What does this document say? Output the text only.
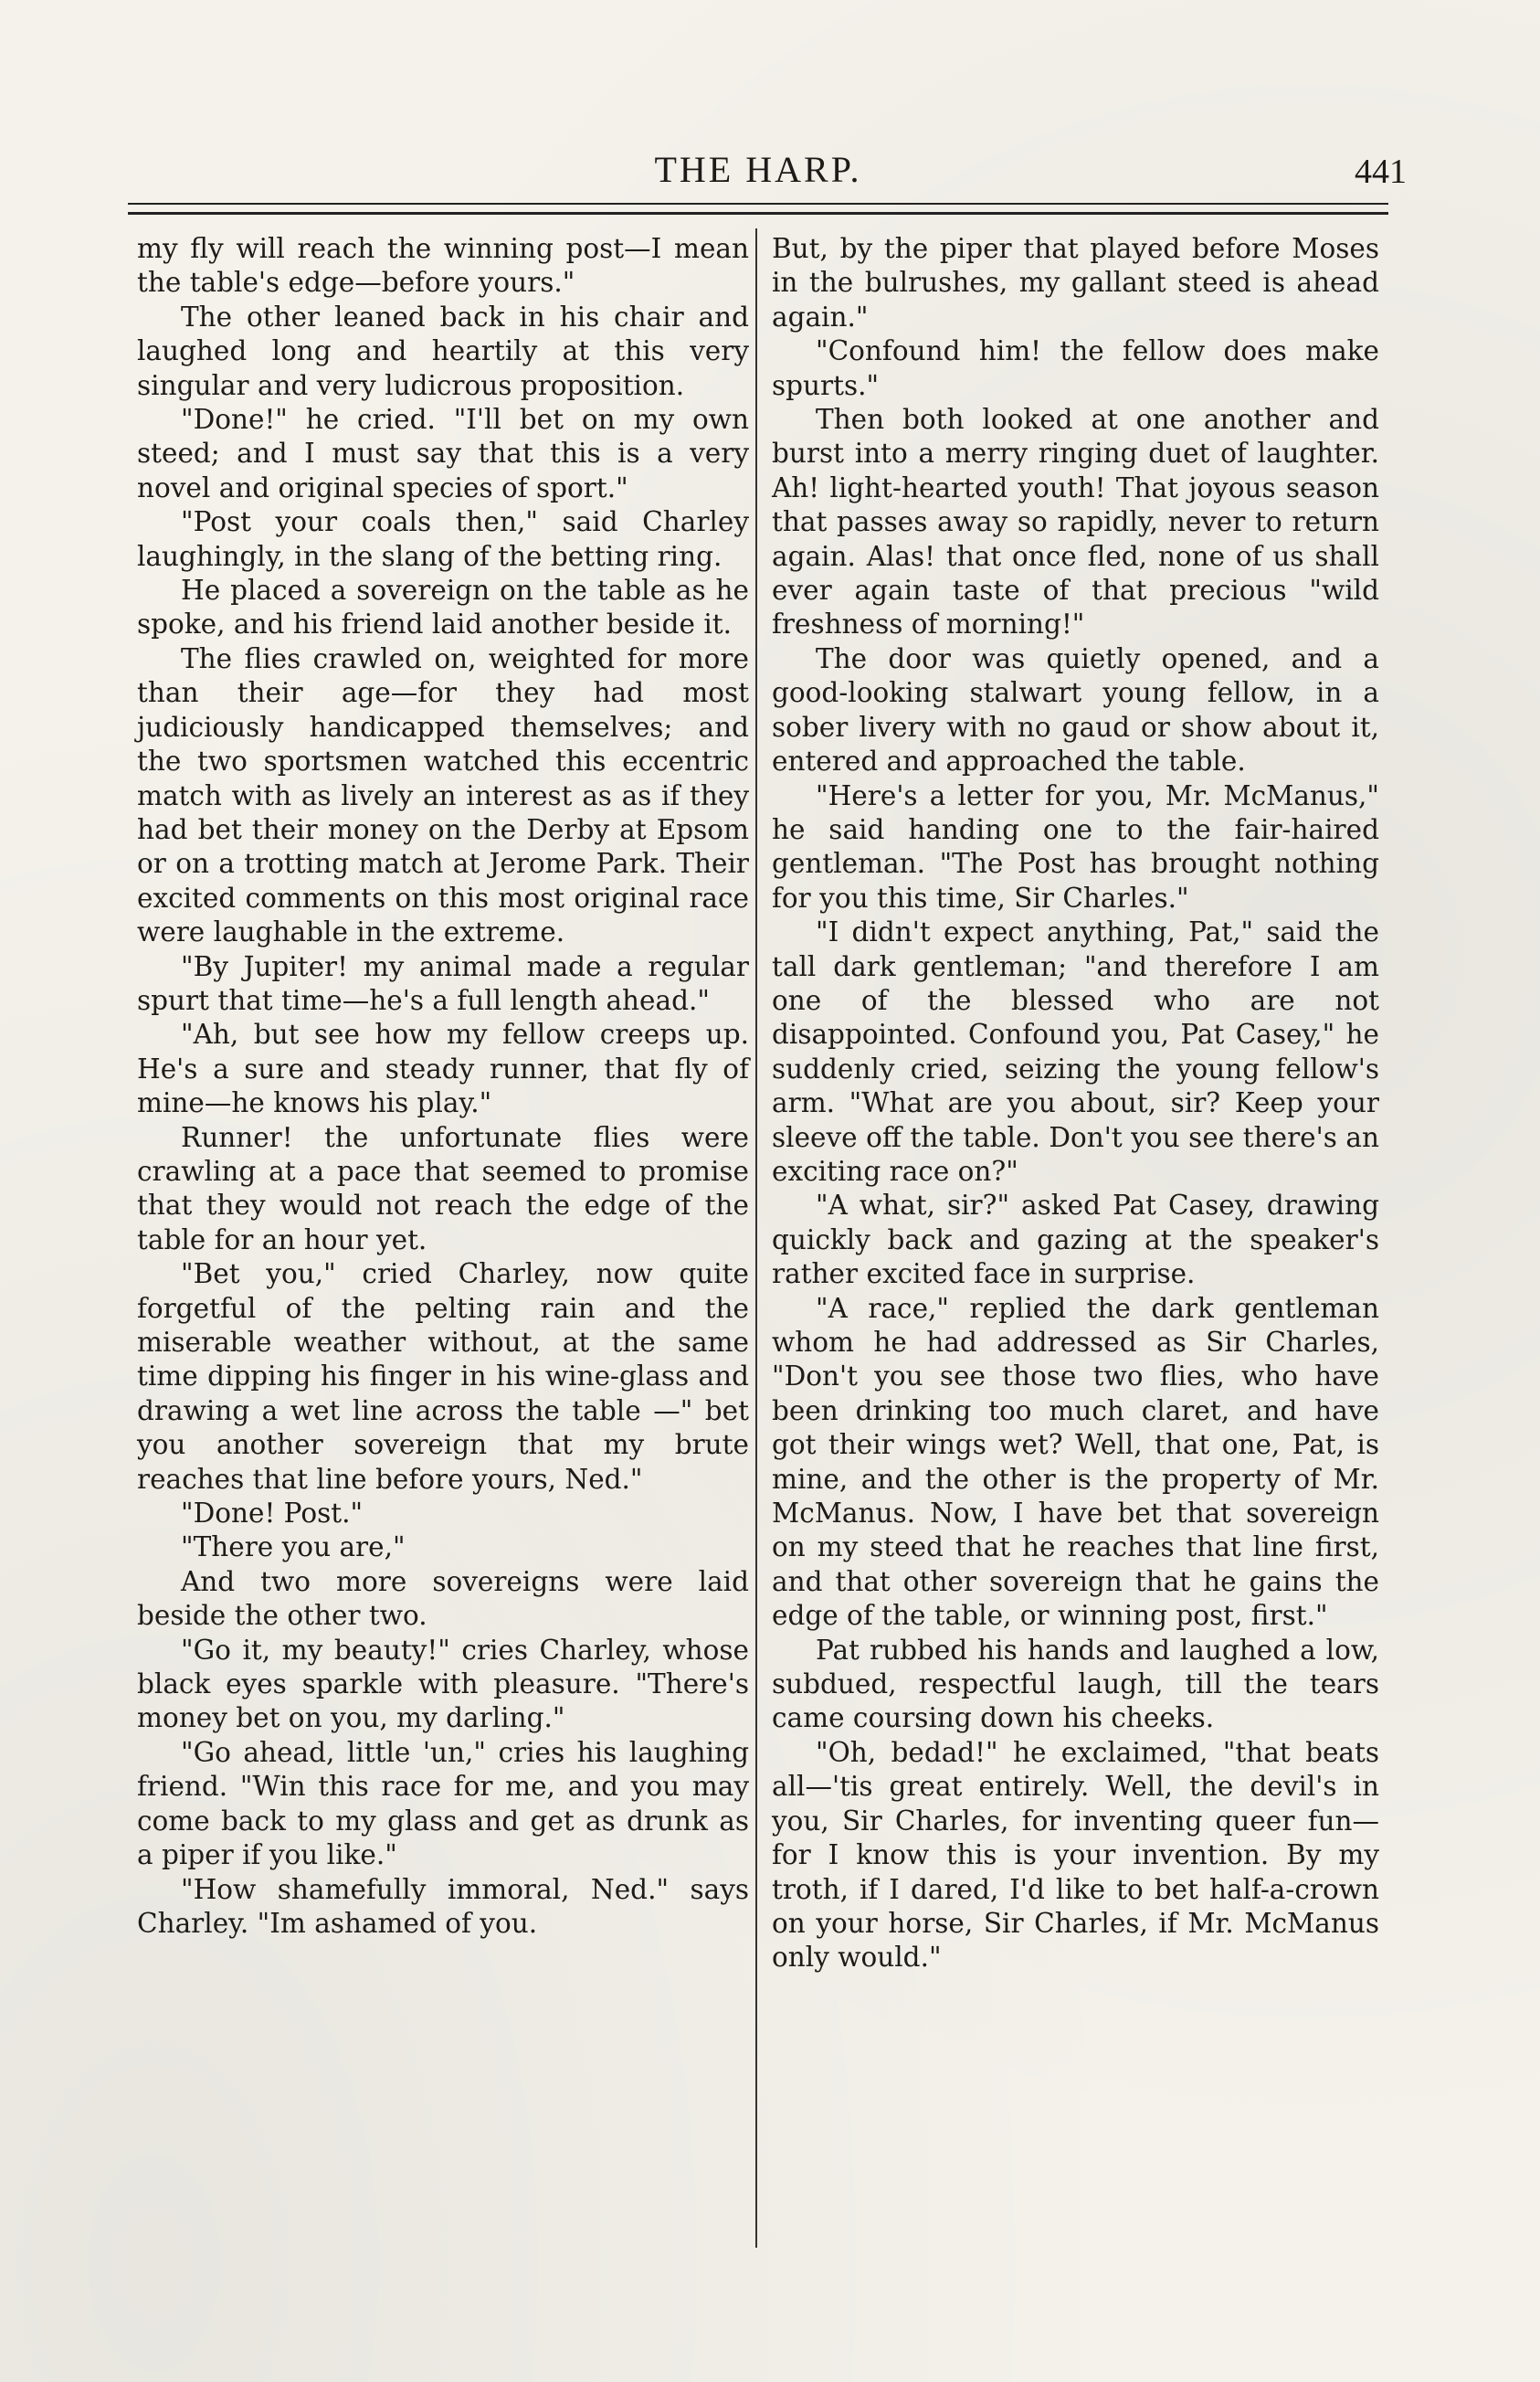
THE HARP.	441

my fly will reach the winning post—I mean the table's edge—before yours."

The other leaned back in his chair and laughed long and heartily at this very singular and very ludicrous proposition.

"Done!" he cried. "I'll bet on my own steed; and I must say that this is a very novel and original species of sport."

"Post your coals then," said Charley laughingly, in the slang of the betting ring.

He placed a sovereign on the table as he spoke, and his friend laid another beside it.

The flies crawled on, weighted for more than their age—for they had most judiciously handicapped themselves; and the two sportsmen watched this eccentric match with as lively an interest as as if they had bet their money on the Derby at Epsom or on a trotting match at Jerome Park. Their excited comments on this most original race were laughable in the extreme.

"By Jupiter! my animal made a regular spurt that time—he's a full length ahead."

"Ah, but see how my fellow creeps up. He's a sure and steady runner, that fly of mine—he knows his play."

Runner! the unfortunate flies were crawling at a pace that seemed to promise that they would not reach the edge of the table for an hour yet.

"Bet you," cried Charley, now quite forgetful of the pelting rain and the miserable weather without, at the same time dipping his finger in his wine-glass and drawing a wet line across the table —" bet you another sovereign that my brute reaches that line before yours, Ned."

"Done! Post."

"There you are,"

And two more sovereigns were laid beside the other two.

"Go it, my beauty!" cries Charley, whose black eyes sparkle with pleasure. "There's money bet on you, my darling."

"Go ahead, little 'un," cries his laughing friend. "Win this race for me, and you may come back to my glass and get as drunk as a piper if you like."

"How shamefully immoral, Ned." says Charley. "Im ashamed of you.

But, by the piper that played before Moses in the bulrushes, my gallant steed is ahead again."

"Confound him! the fellow does make spurts."

Then both looked at one another and burst into a merry ringing duet of laughter. Ah! light-hearted youth! That joyous season that passes away so rapidly, never to return again. Alas! that once fled, none of us shall ever again taste of that precious "wild freshness of morning!"

The door was quietly opened, and a good-looking stalwart young fellow, in a sober livery with no gaud or show about it, entered and approached the table.

"Here's a letter for you, Mr. McManus," he said handing one to the fair-haired gentleman. "The Post has brought nothing for you this time, Sir Charles."

"I didn't expect anything, Pat," said the tall dark gentleman; "and therefore I am one of the blessed who are not disappointed. Confound you, Pat Casey," he suddenly cried, seizing the young fellow's arm. "What are you about, sir? Keep your sleeve off the table. Don't you see there's an exciting race on?"

"A what, sir?" asked Pat Casey, drawing quickly back and gazing at the speaker's rather excited face in surprise.

"A race," replied the dark gentleman whom he had addressed as Sir Charles, "Don't you see those two flies, who have been drinking too much claret, and have got their wings wet? Well, that one, Pat, is mine, and the other is the property of Mr. McManus. Now, I have bet that sovereign on my steed that he reaches that line first, and that other sovereign that he gains the edge of the table, or winning post, first."

Pat rubbed his hands and laughed a low, subdued, respectful laugh, till the tears came coursing down his cheeks.

"Oh, bedad!" he exclaimed, "that beats all—'tis great entirely. Well, the devil's in you, Sir Charles, for inventing queer fun—for I know this is your invention. By my troth, if I dared, I'd like to bet half-a-crown on your horse, Sir Charles, if Mr. McManus only would."
